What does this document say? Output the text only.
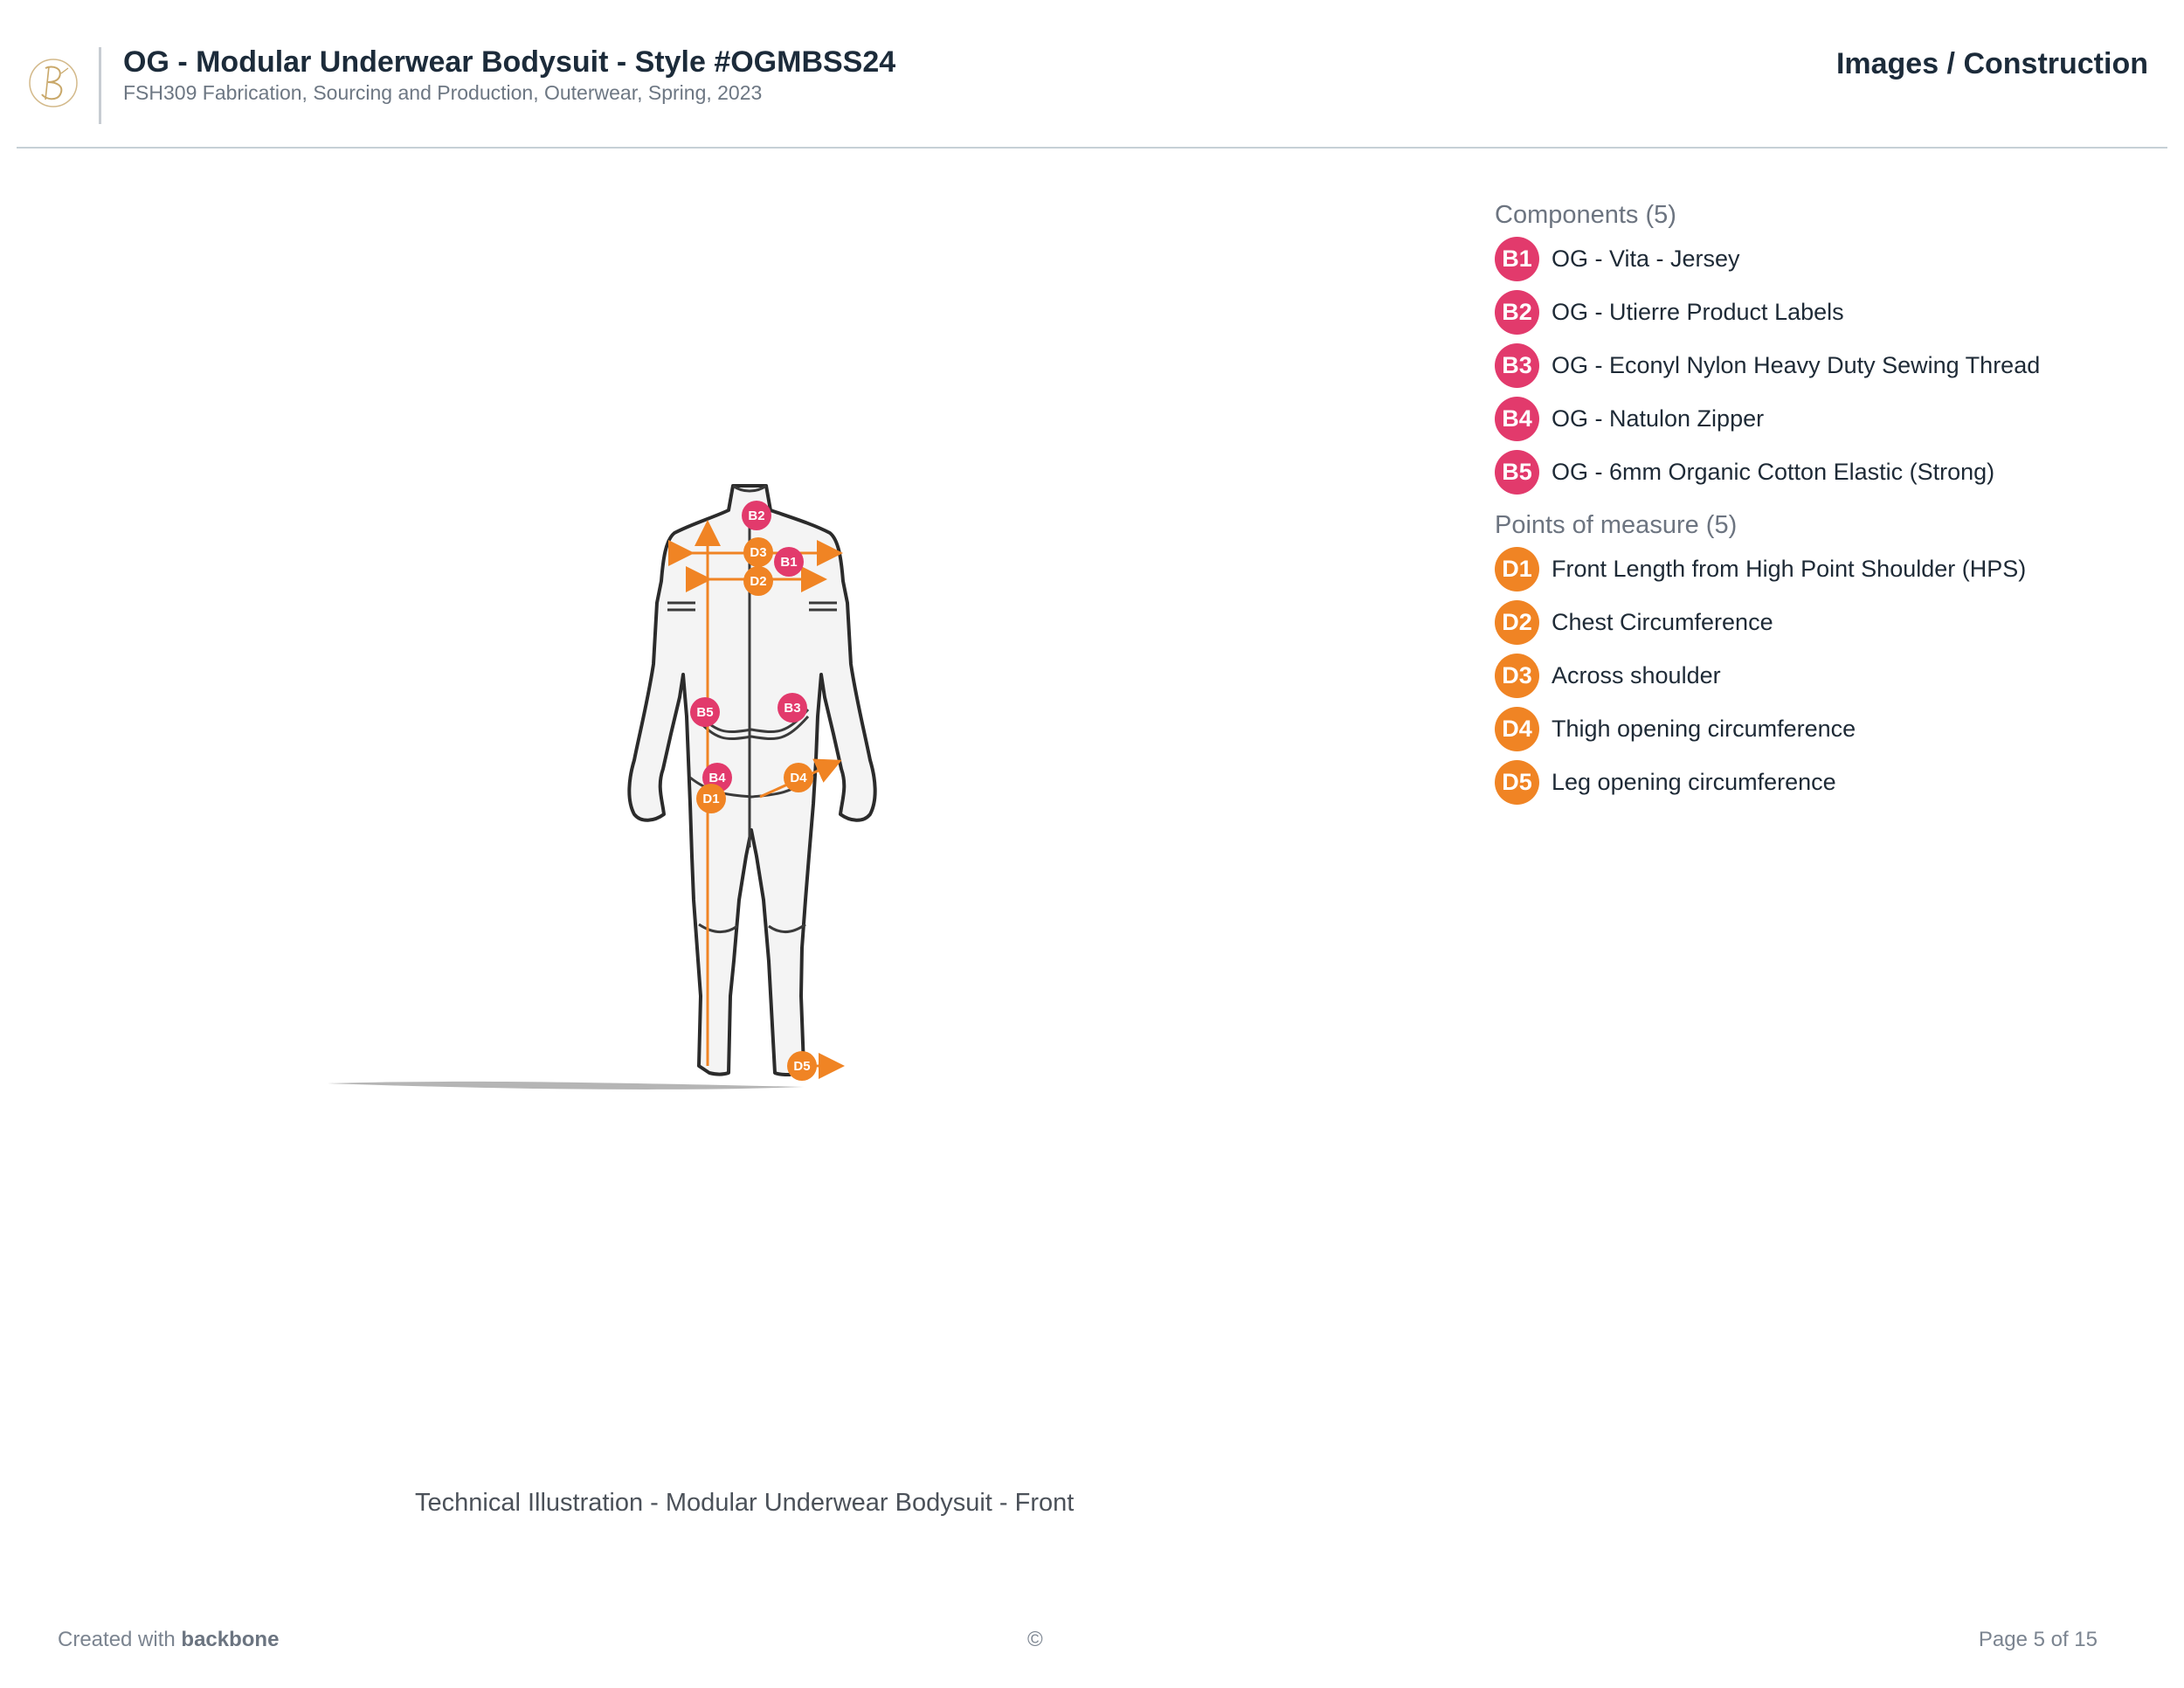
OG - Modular Underwear Bodysuit - Style #OGMBSS24
FSH309 Fabrication, Sourcing and Production, Outerwear, Spring, 2023
Images / Construction
B2
D3
B1
D2
B5	B3
B4	D4
D1
D5
Technical Illustration - Modular Underwear Bodysuit - Front
Components (5)
B1 OG - Vita - Jersey
B2 OG - Utierre Product Labels
B3 OG - Econyl Nylon Heavy Duty Sewing Thread
B4 OG - Natulon Zipper
B5 OG - 6mm Organic Cotton Elastic (Strong)
Points of measure (5)
D1 Front Length from High Point Shoulder (HPS)
D2 Chest Circumference
D3 Across shoulder
D4 Thigh opening circumference
D5 Leg opening circumference
Created with backbone	©	Page 5 of 15
